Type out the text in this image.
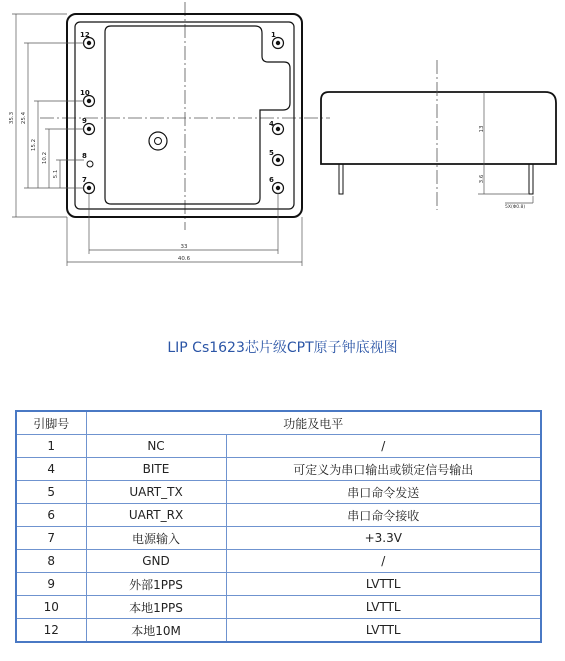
12	1
10
9	4
8	5
7	6
35.3 25.4
15.2
10.2
5.1
33
40.6
13
3.6
5X(Φ0.8)
LIP Cs1623芯片级CPT原子钟底视图
引脚号	功能及电平	
1	NC	/
4	BITE	可定义为串口输出或锁定信号输出
5	UART_TX	串口命令发送
6	UART_RX	串口命令接收
7	电源输入	+3.3V
8	GND	/
9	外部1PPS	LVTTL
10	本地1PPS	LVTTL
12	本地10M	LVTTL
